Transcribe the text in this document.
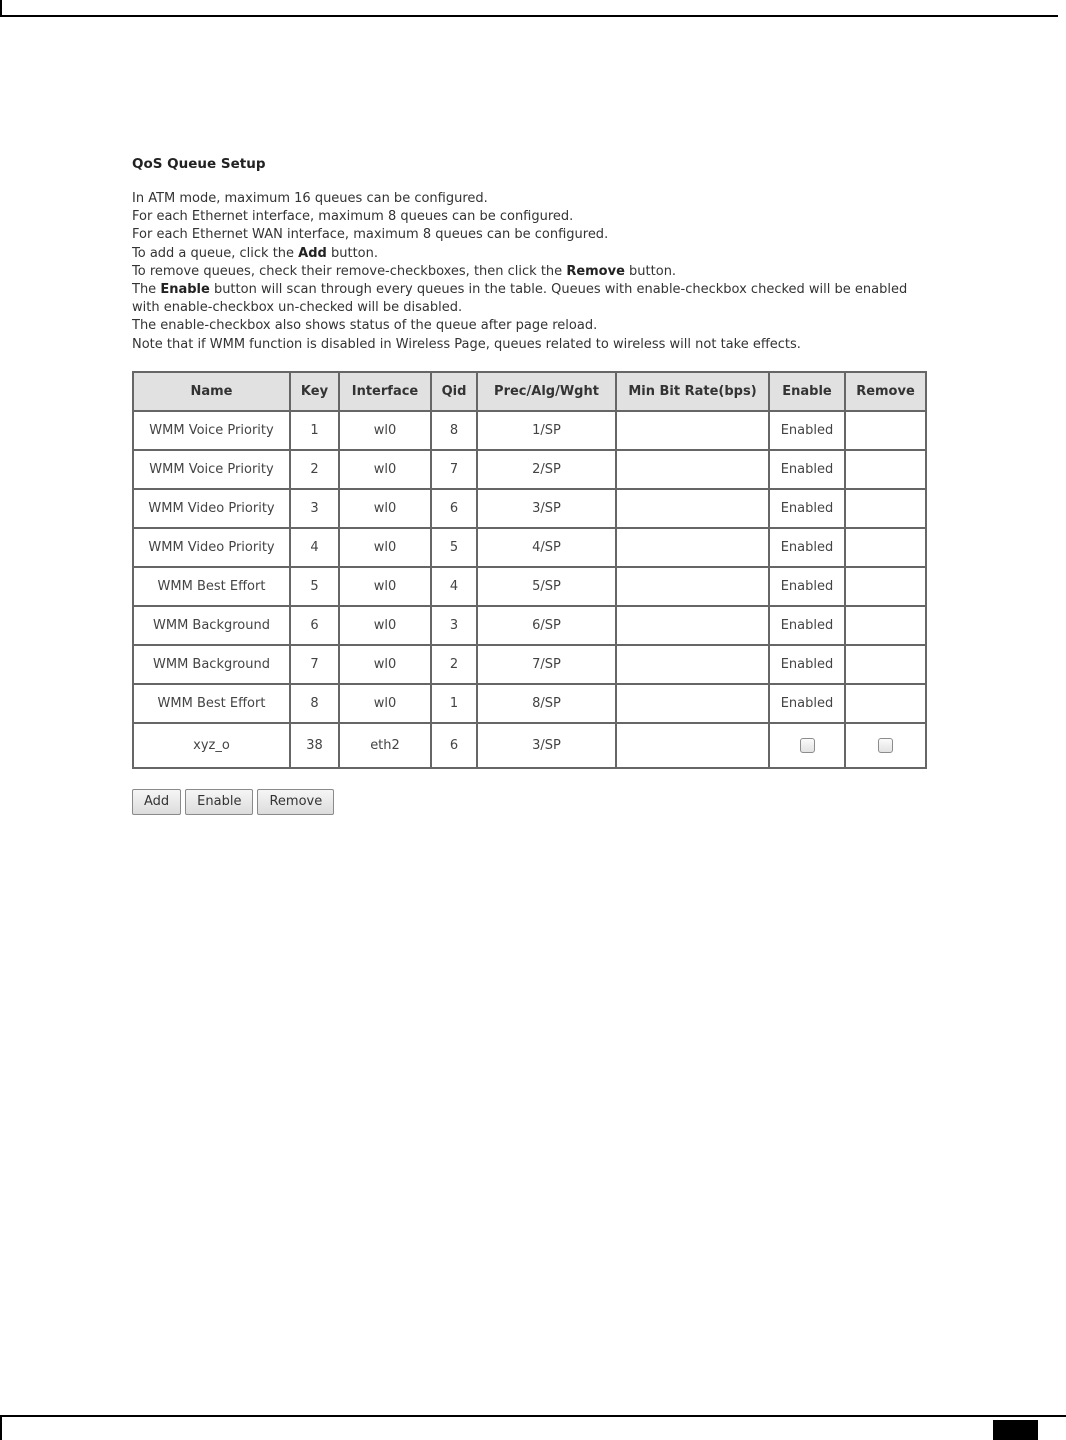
QoS Queue Setup
In ATM mode, maximum 16 queues can be configured.
For each Ethernet interface, maximum 8 queues can be configured.
For each Ethernet WAN interface, maximum 8 queues can be configured.
To add a queue, click the Add button.
To remove queues, check their remove-checkboxes, then click the Remove button.
The Enable button will scan through every queues in the table. Queues with enable-checkbox checked will be enabled
with enable-checkbox un-checked will be disabled.
The enable-checkbox also shows status of the queue after page reload.
Note that if WMM function is disabled in Wireless Page, queues related to wireless will not take effects.
Name	Key	Interface	Qid	Prec/Alg/Wght	Min Bit Rate(bps)	Enable	Remove
WMM Voice Priority	1	wl0	8	1/SP		Enabled	
WMM Voice Priority	2	wl0	7	2/SP		Enabled	
WMM Video Priority	3	wl0	6	3/SP		Enabled	
WMM Video Priority	4	wl0	5	4/SP		Enabled	
WMM Best Effort	5	wl0	4	5/SP		Enabled	
WMM Background	6	wl0	3	6/SP		Enabled	
WMM Background	7	wl0	2	7/SP		Enabled	
WMM Best Effort	8	wl0	1	8/SP		Enabled	
xyz_o	38	eth2	6	3/SP			
Add	Enable	Remove
